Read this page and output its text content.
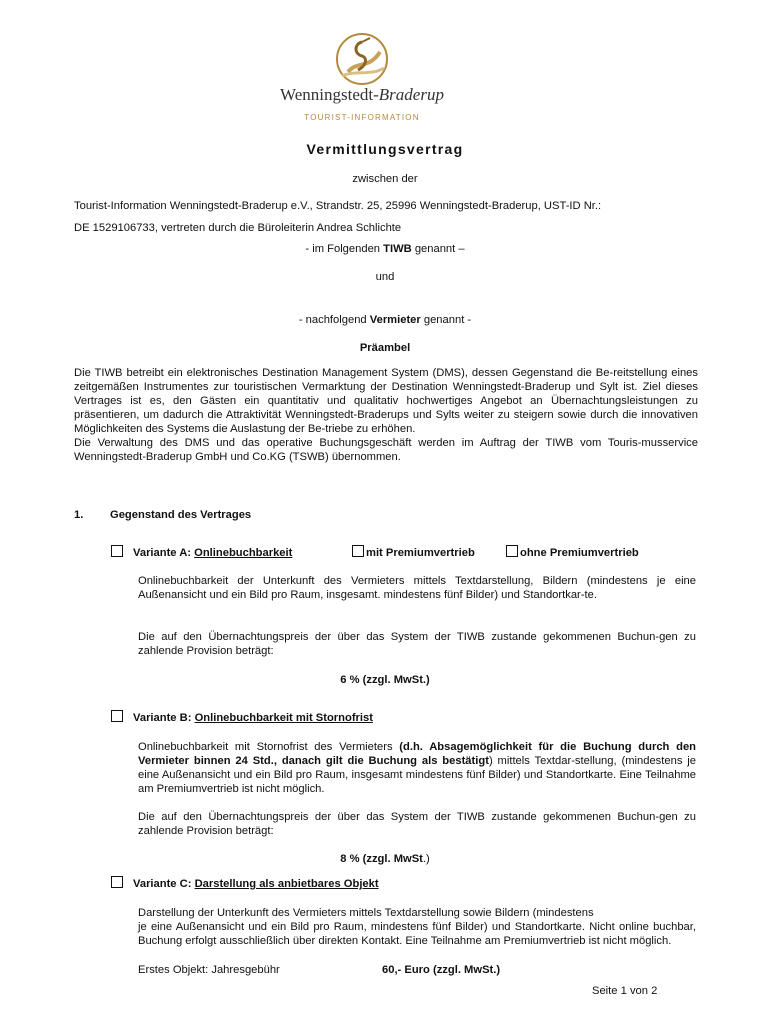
Wenningstedt-Braderup
TOURIST-INFORMATION
Vermittlungsvertrag
zwischen der
Tourist-Information Wenningstedt-Braderup e.V., Strandstr. 25, 25996 Wenningstedt-Braderup, UST-ID Nr.:
DE 1529106733, vertreten durch die Büroleiterin Andrea Schlichte
- im Folgenden TIWB genannt –
und
- nachfolgend Vermieter genannt -
Präambel
Die TIWB betreibt ein elektronisches Destination Management System (DMS), dessen Gegenstand die Be-reitstellung eines zeitgemäßen Instrumentes zur touristischen Vermarktung der Destination Wenningstedt-Braderup und Sylt ist. Ziel dieses Vertrages ist es, den Gästen ein quantitativ und qualitativ hochwertiges Angebot an Übernachtungsleistungen zu präsentieren, um dadurch die Attraktivität Wenningstedt-Braderups und Sylts weiter zu steigern sowie durch die innovativen Möglichkeiten des Systems die Auslastung der Be-triebe zu erhöhen.
Die Verwaltung des DMS und das operative Buchungsgeschäft werden im Auftrag der TIWB vom Touris-musservice Wenningstedt-Braderup GmbH und Co.KG (TSWB) übernommen.
1. Gegenstand des Vertrages
Variante A: Onlinebuchbarkeit	mit Premiumvertrieb	ohne Premiumvertrieb
Onlinebuchbarkeit der Unterkunft des Vermieters mittels Textdarstellung, Bildern (mindestens je eine Außenansicht und ein Bild pro Raum, insgesamt. mindestens fünf Bilder) und Standortkar-te.
Die auf den Übernachtungspreis der über das System der TIWB zustande gekommenen Buchun-gen zu zahlende Provision beträgt:
6 % (zzgl. MwSt.)
Variante B: Onlinebuchbarkeit mit Stornofrist
Onlinebuchbarkeit mit Stornofrist des Vermieters (d.h. Absagemöglichkeit für die Buchung durch den Vermieter binnen 24 Std., danach gilt die Buchung als bestätigt) mittels Textdar-stellung, (mindestens je eine Außenansicht und ein Bild pro Raum, insgesamt mindestens fünf Bilder) und Standortkarte. Eine Teilnahme am Premiumvertrieb ist nicht möglich.
Die auf den Übernachtungspreis der über das System der TIWB zustande gekommenen Buchun-gen zu zahlende Provision beträgt:
8 % (zzgl. MwSt.)
Variante C: Darstellung als anbietbares Objekt
Darstellung der Unterkunft des Vermieters mittels Textdarstellung sowie Bildern (mindestens
je eine Außenansicht und ein Bild pro Raum, mindestens fünf Bilder) und Standortkarte. Nicht online buchbar, Buchung erfolgt ausschließlich über direkten Kontakt. Eine Teilnahme am Premiumvertrieb ist nicht möglich.
Erstes Objekt: Jahresgebühr	60,- Euro (zzgl. MwSt.)
Seite 1 von 2
